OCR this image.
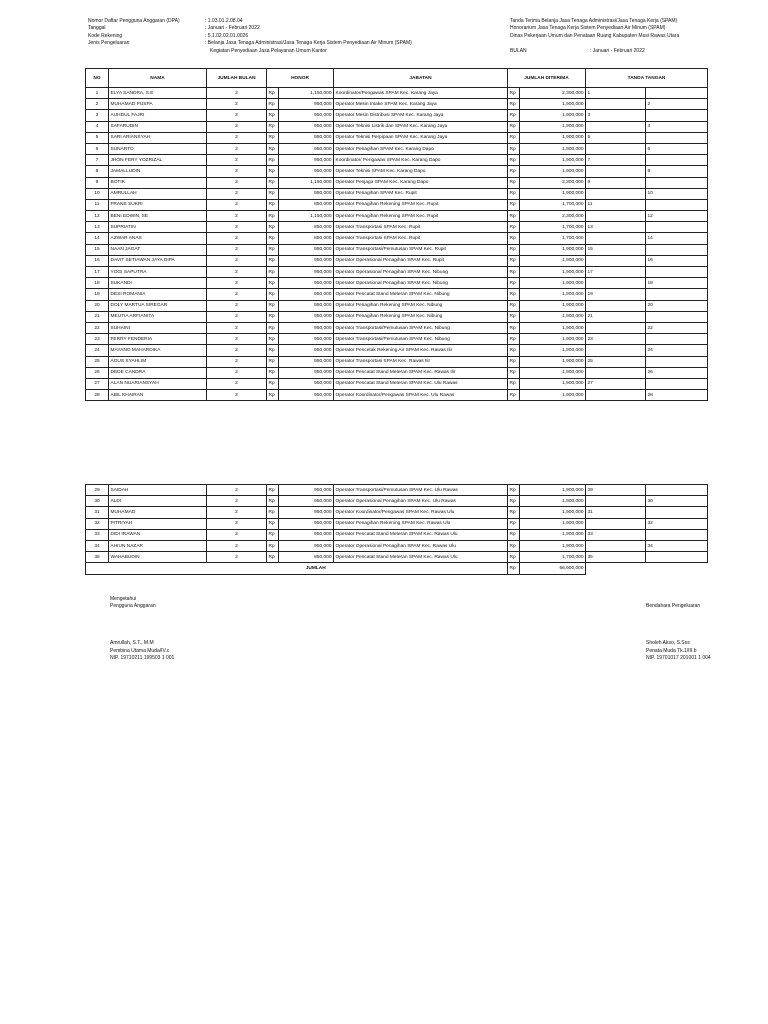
Nomor Daftar Pengguna Anggaran (DPA)	: 1.03.01.2.08.04
Tanggal	: Januari - Februari 2022
Kode Rekening	: 5.1.02.02.01.0026
Jenis Pengeluaran	: Belanja Jasa Tenaga Administrasi/Jasa Tenaga Kerja Sistem Penyediaan Air Minum (SPAM)
Kegiatan Penyediaan Jasa Pelayanan Umum Kantor
Tanda Terima Belanja Jasa Tenaga Administrasi/Jasa Tenaga Kerja (SPAM)
Honorarium Jasa Tenaga Kerja Sistem Penyediaan Air Minum (SPAM)
Dinas Pekerjaan Umum dan Penataan Ruang Kabupaten Musi Rawas Utara
BULAN	: Januari - Februari 2022
NO	NAMA	JUMLAH BULAN	HONOR		JABATAN	JUMLAH DITERIMA		TANDA TANGAN	
1	ELYA SANDRA, S.E	2	Rp	1,150,000	Koordinator/Pengawas SPAM Kec. Karang Jaya	Rp	2,300,000	1	
2	MUHAMAD PUSPA	2	Rp	950,000	Operator Mesin Intake SPAM Kec. Karang Jaya	Rp	1,900,000		2
3	AUHDUL FAJRI	2	Rp	950,000	Operator Mesin Distribusi SPAM Kec. Karang Jaya	Rp	1,900,000	3	
4	SAFARUDIN	2	Rp	950,000	Operator Teknisi Listrik dan SPAM Kec. Karang Jaya	Rp	1,900,000		4
5	SARI ARIANSYAH	2	Rp	950,000	Operator Teknisi Perpipaan SPAM Kec. Karang Jaya	Rp	1,900,000	5	
6	SUNARTO	2	Rp	950,000	Operator Penagihan SPAM Kec. Karang Dapo	Rp	1,900,000		6
7	JHON FERY YOZRIZAL	2	Rp	950,000	Koordinator/ Pengawas SPAM Kec. Karang Dapo	Rp	1,900,000	7	
8	JAMALLUDIN	2	Rp	950,000	Operator Teknisi SPAM Kec. Karang Dapo	Rp	1,900,000		8
9	BOTIK	2	Rp	1,150,000	Operator Penjaga SPAM Kec. Karang Dapo	Rp	2,300,000	9	
10	AMRULLAH	2	Rp	950,000	Operator Penagihan SPAM Kec. Rupit	Rp	1,900,000		10
11	FRANS SUKRI	2	Rp	850,000	Operator Penagihan Rekening SPAM Kec. Rupit	Rp	1,700,000	11	
12	BENI EDWIN, SE	2	Rp	1,150,000	Operator Penagihan Rekening SPAM Kec. Rupit	Rp	2,300,000		12
13	SUPRIATIN	2	Rp	850,000	Operator Transportasi SPAM Kec. Rupit	Rp	1,700,000	13	
14	AZWAR ANAS	2	Rp	850,000	Operator Transportasi SPAM Kec. Rupit	Rp	1,700,000		14
15	NAAN JAGAT	2	Rp	950,000	Operator Transportasi/Pemutusan SPAM Kec. Rupit	Rp	1,900,000	15	
16	DAVIT SETIAWAN JAYA DIPA	2	Rp	950,000	Operator Operasional Penagihan SPAM Kec. Rupit	Rp	1,900,000		16
17	YOGI SAPUTRA	2	Rp	950,000	Operator Operasional Penagihan SPAM Kec. Nibung	Rp	1,900,000	17	
18	SUKANDI	2	Rp	950,000	Operator Operasional Penagihan SPAM Kec. Nibung	Rp	1,900,000		18
19	DESI ROMANIA	2	Rp	950,000	Operator Pencatat Stand Meteran SPAM Kec. Nibung	Rp	1,900,000	19	
20	DOLY MARTUA SIREGAR	2	Rp	950,000	Operator Penagihan Rekening SPAM Kec. Nibung	Rp	1,900,000		20
21	MEUTIA ARFIANITA	2	Rp	950,000	Operator Penagihan Rekening SPAM Kec. Nibung	Rp	1,900,000	21	
22	SUHAINI	2	Rp	950,000	Operator Transportasi/Pemutusan SPAM Kec. Nibung	Rp	1,900,000		22
23	FERRY FENDERIA	2	Rp	950,000	Operator Transportasi/Pemutusan SPAM Kec. Nibung	Rp	1,900,000	23	
24	MAYANG MAHARDIKA	2	Rp	950,000	Operator Pencetak Rekening Air SPAM Kec. Rawas Ilir	Rp	1,900,000		24
25	AGUS SYAHLIM	2	Rp	950,000	Operator Transportasi SPAM Kec. Rawas Ilir	Rp	1,900,000	25	
26	DEDE CANDRA	2	Rp	950,000	Operator Pencatat Stand Meteran SPAM Kec. Rawas Ilir	Rp	1,900,000		26
27	ALAN NUARIANSYAH	2	Rp	950,000	Operator Pencatat Stand Meteran SPAM Kec. Ulu Rawas	Rp	1,900,000	27	
28	ABIL KHAIRAN	2	Rp	950,000	Operator Koordinator/Pengawas SPAM Kec. Ulu Rawas	Rp	1,900,000		28
29	SAIDAH	2	Rp	950,000	Operator Transportasi/Pemutusan SPAM Kec. Ulu Rawas	Rp	1,900,000	29	
30	ALDI	2	Rp	950,000	Operator Operasional Penagihan SPAM Kec. Ulu Rawas	Rp	1,900,000		30
31	MUHAMAD	2	Rp	950,000	Operator Koordinator/Pengawas SPAM Kec. Rawas Ulu	Rp	1,900,000	31	
32	PITRIYAH	2	Rp	950,000	Operator Penagihan Rekening SPAM Kec. Rawas Ulu	Rp	1,900,000		32
33	DIDI IRAWAN	2	Rp	950,000	Operator Pencatat Stand Meteran SPAM Kec. Rawas Ulu	Rp	1,900,000	33	
34	AHIUN NAZAR	2	Rp	950,000	Operator Operasional Penagihan SPAM Kec. Rawas Ulu	Rp	1,900,000		34
35	WAHABUDIN	2	Rp	850,000	Operator Pencatat Stand Meteran SPAM Kec. Rawas Ulu	Rp	1,700,000	35	
JUMLAH						Rp	66,900,000		
Mengetahui
Pengguna Anggaran
Amrullah, S.T., M.M
Pembina Utama Muda/IV.c
NIP. 19710211 199503 1 001
Bendahara Pengeluaran
Sholeh Akso, S.Sos
Penata Muda Tk.1/III.b
NIP. 19701017 201001 1 004
